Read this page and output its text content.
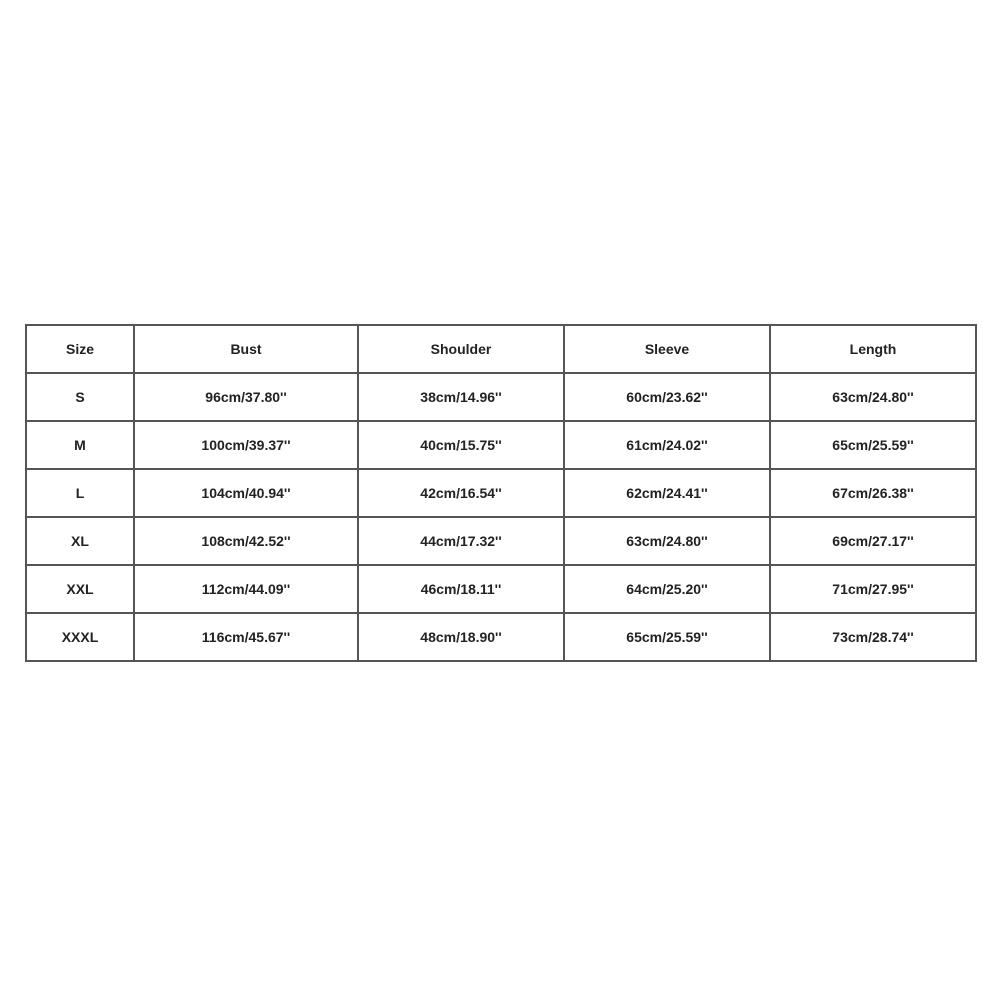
Size	Bust	Shoulder	Sleeve	Length
S	96cm/37.80''	38cm/14.96''	60cm/23.62''	63cm/24.80''
M	100cm/39.37''	40cm/15.75''	61cm/24.02''	65cm/25.59''
L	104cm/40.94''	42cm/16.54''	62cm/24.41''	67cm/26.38''
XL	108cm/42.52''	44cm/17.32''	63cm/24.80''	69cm/27.17''
XXL	112cm/44.09''	46cm/18.11''	64cm/25.20''	71cm/27.95''
XXXL	116cm/45.67''	48cm/18.90''	65cm/25.59''	73cm/28.74''
